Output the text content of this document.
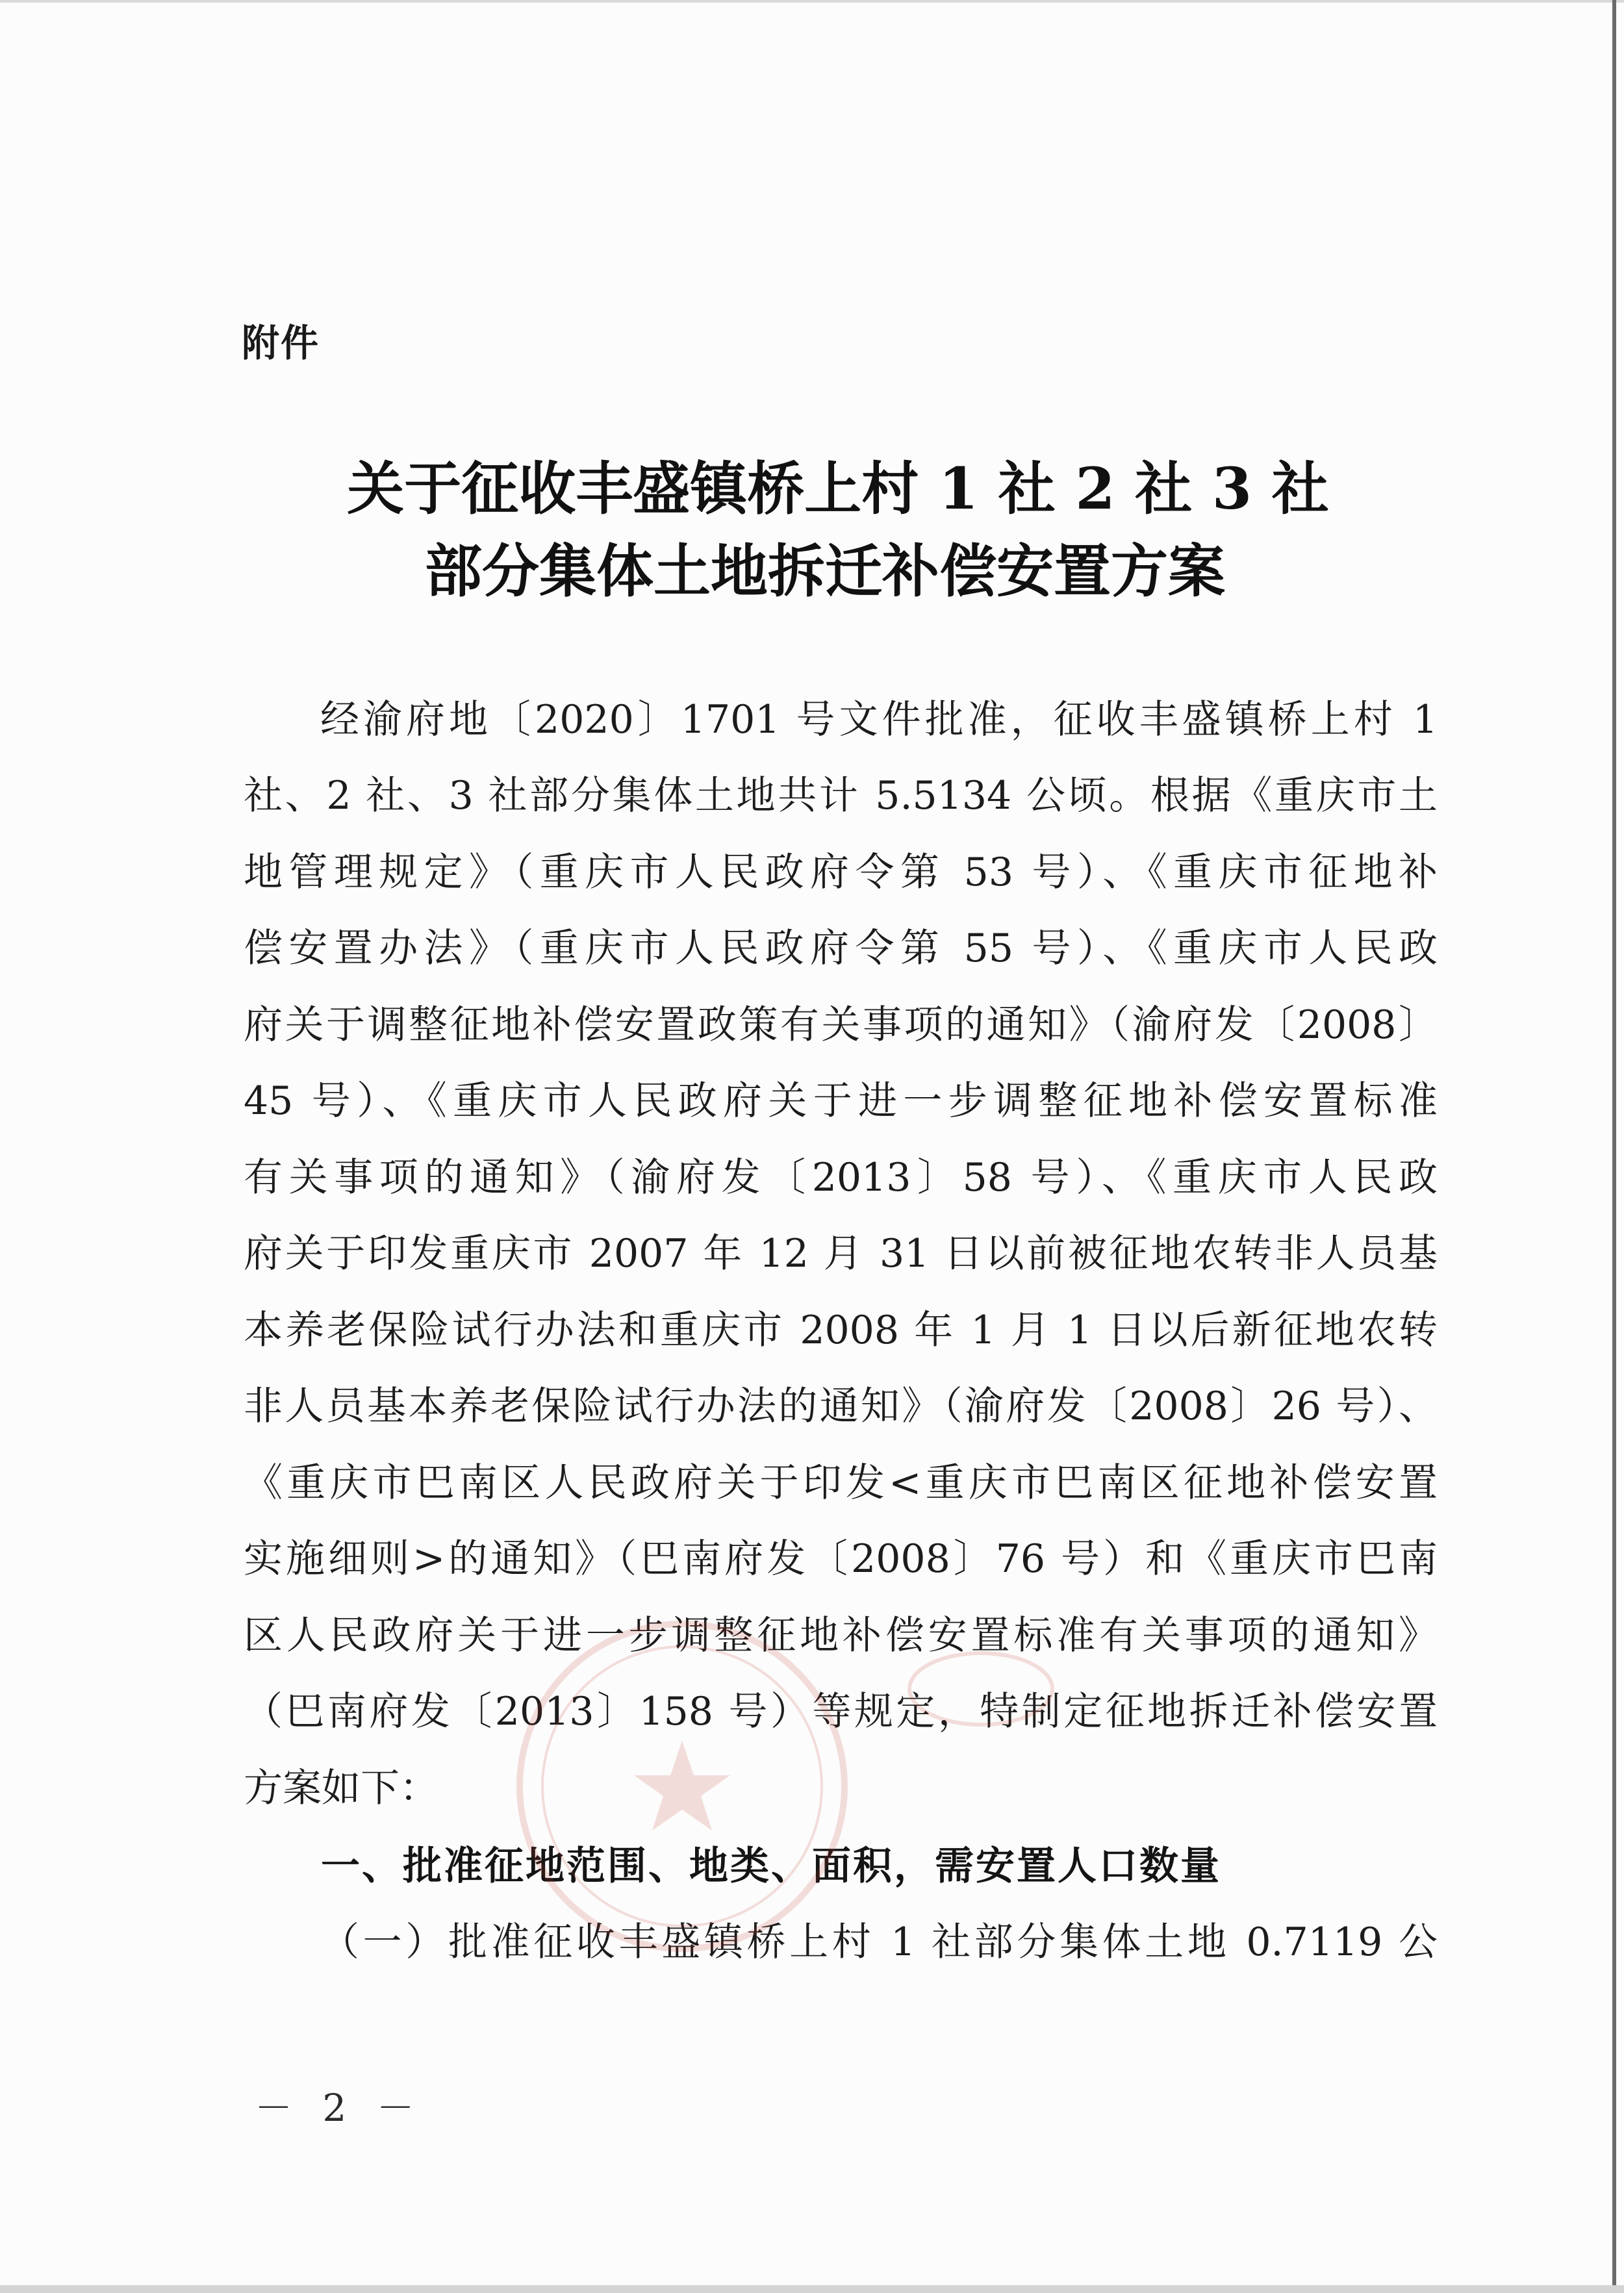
附件
关于征收丰盛镇桥上村 1 社 2 社 3 社
部分集体土地拆迁补偿安置方案
经渝府地〔2020〕1701 号文件批准，征收丰盛镇桥上村 1
社、2 社、3 社部分集体土地共计 5.5134 公顷。根据《重庆市土
地管理规定》（重庆市人民政府令第 53 号）、《重庆市征地补
偿安置办法》（重庆市人民政府令第 55 号）、《重庆市人民政
府关于调整征地补偿安置政策有关事项的通知》（渝府发〔2008〕
45 号）、《重庆市人民政府关于进一步调整征地补偿安置标准
有关事项的通知》（渝府发〔2013〕58 号）、《重庆市人民政
府关于印发重庆市 2007 年 12 月 31 日以前被征地农转非人员基
本养老保险试行办法和重庆市 2008 年 1 月 1 日以后新征地农转
非人员基本养老保险试行办法的通知》（渝府发〔2008〕26 号）、
《重庆市巴南区人民政府关于印发<重庆市巴南区征地补偿安置
实施细则>的通知》（巴南府发〔2008〕76 号）和《重庆市巴南
区人民政府关于进一步调整征地补偿安置标准有关事项的通知》
（巴南府发〔2013〕158 号）等规定，特制定征地拆迁补偿安置
方案如下：
一、批准征地范围、地类、面积，需安置人口数量
（一）批准征收丰盛镇桥上村 1 社部分集体土地 0.7119 公
－ 2 －
